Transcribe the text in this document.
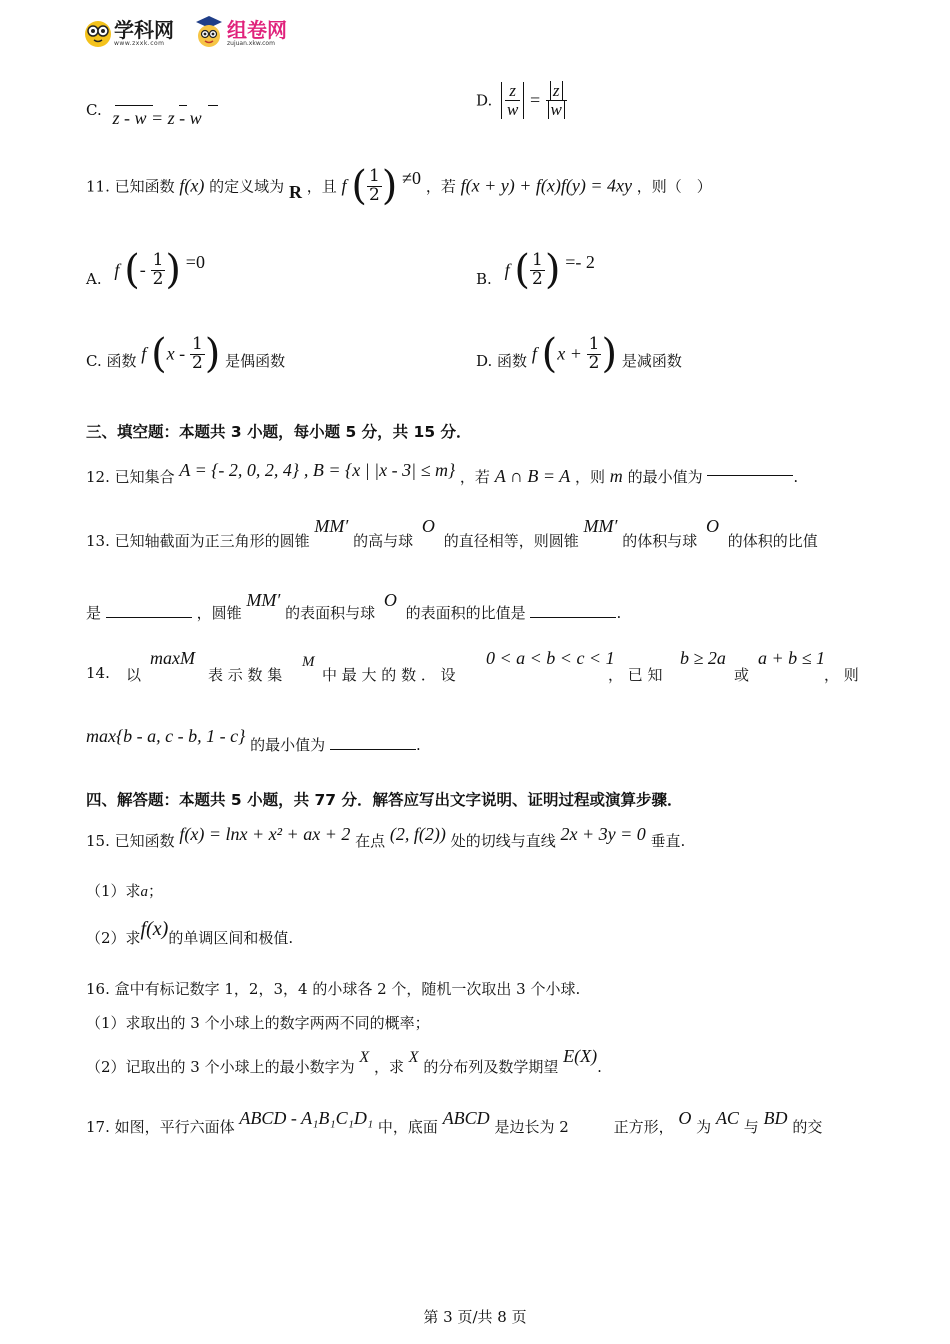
学科网
www.zxxk.com
组卷网
zujuan.xkw.com
C. z - w = z - w
D. $\frac{z}{w} = \frac{z}{w}$
11. 已知函数 f(x) 的定义域为 R ，且 f ( $\frac{1}{2}$ ) ≠0 ，若 f(x + y) + f(x)f(y) = 4xy ，则（　）
A. f (- $\frac{1}{2}$ ) =0
B. f ( $\frac{1}{2}$ ) =- 2
C. 函数 f ($x - \frac{1}{2}$ ) 是偶函数	D. 函数 f ($x + \frac{1}{2}$ ) 是减函数
三、填空题：本题共 3 小题，每小题 5 分，共 15 分．
12. 已知集合 A = {- 2, 0, 2, 4} , B = {x | |x - 3| ≤ m} ，若 A ∩ B = A ，则 m 的最小值为	.
13. 已知轴截面为正三角形的圆锥 MM′ 的高与球 O 的直径相等，则圆锥 MM′ 的体积与球 O 的体积的比值
是	，圆锥 MM′ 的表面积与球 O 的表面积的比值是	.
14. 以
maxM
表 示 数 集
M
中 最 大 的 数 ． 设
0 < a < b < c < 1
， 已 知
b ≥ 2a
或
a + b ≤ 1
， 则
max{b - a, c - b, 1 - c} 的最小值为	.
四、解答题：本题共 5 小题，共 77 分．解答应写出文字说明、证明过程或演算步骤．
15. 已知函数 f(x) = lnx + x² + ax + 2 在点 (2, f(2)) 处的切线与直线 2x + 3y = 0 垂直.
（1）求a；
（2）求f(x)的单调区间和极值.
16. 盒中有标记数字 1，2，3，4 的小球各 2 个，随机一次取出 3 个小球.
（1）求取出的 3 个小球上的数字两两不同的概率；
（2）记取出的 3 个小球上的最小数字为 X ，求 X 的分布列及数学期望 E(X).
17. 如图，平行六面体 ABCD - A₁B₁C₁D₁ 中，底面 ABCD 是边长为 2	正方形， O 为 AC 与 BD 的交
第 3 页/共 8 页
